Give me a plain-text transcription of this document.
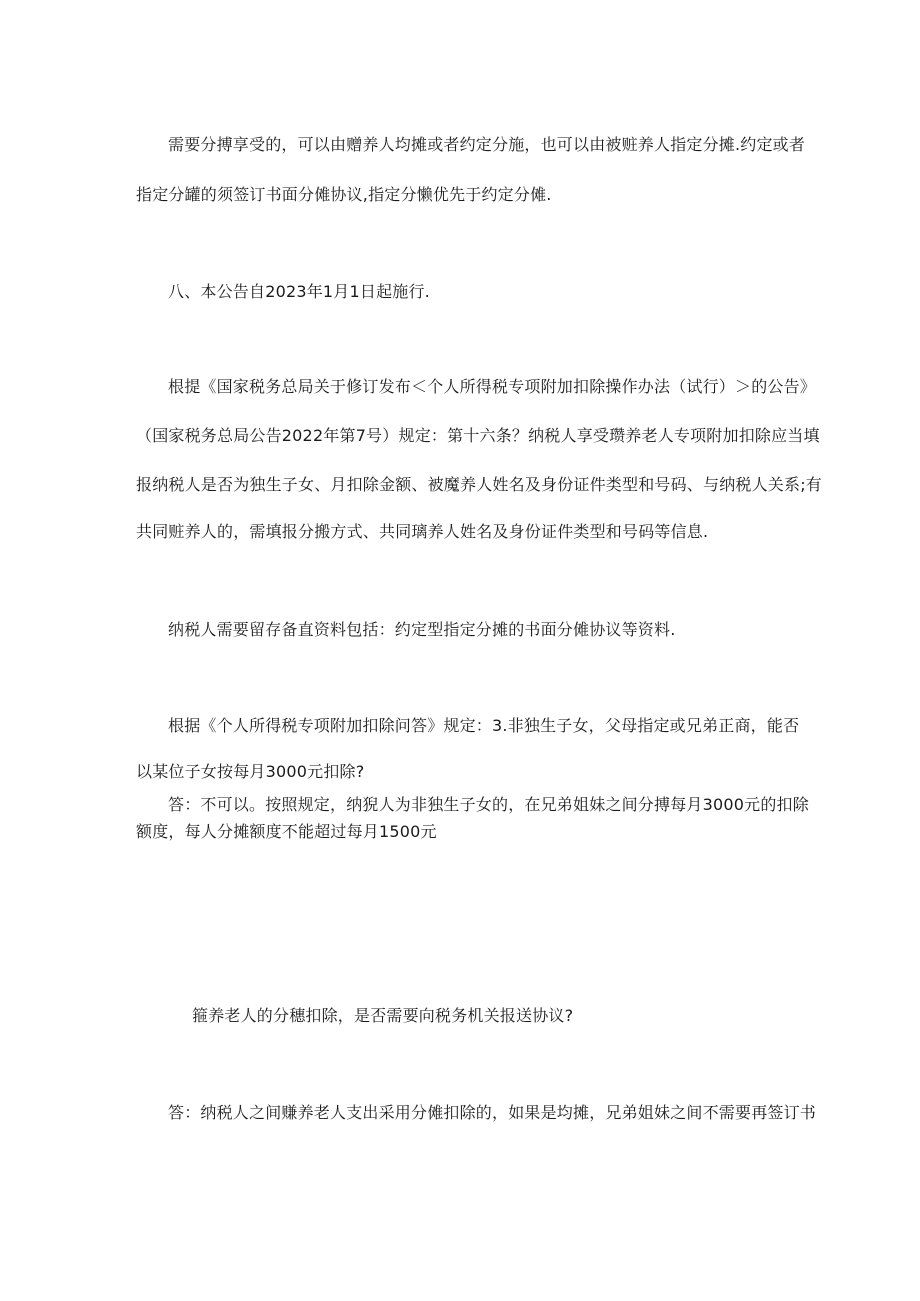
需要分搏享受的，可以由赠养人均摊或者约定分施，也可以由被赃养人指定分摊.约定或者
指定分罐的须签订书面分傩协议,指定分懒优先于约定分傩.
八、本公告自2023年1月1日起施行.
根提《国家税务总局关于修订发布＜个人所得税专项附加扣除操作办法（试行）＞的公告》
（国家税务总局公告2022年第7号）规定：第十六条？纳税人享受瓒养老人专项附加扣除应当填
报纳税人是否为独生子女、月扣除金额、被魔养人姓名及身份证件类型和号码、与纳税人关系;有
共同赃养人的，需填报分搬方式、共同璃养人姓名及身份证件类型和号码等信息.
纳税人需要留存备直资料包括：约定型指定分摊的书面分傩协议等资料.
根据《个人所得税专项附加扣除问答》规定：3.非独生子女，父母指定或兄弟正商，能否
以某位子女按每月3000元扣除?
答：不可以。按照规定，纳猊人为非独生子女的，在兄弟姐妹之间分搏每月3000元的扣除
额度，每人分摊额度不能超过每月1500元
箍养老人的分穗扣除，是否需要向税务机关报送协议?
答：纳税人之间赚养老人支出采用分傩扣除的，如果是均摊，兄弟姐妹之间不需要再签订书
